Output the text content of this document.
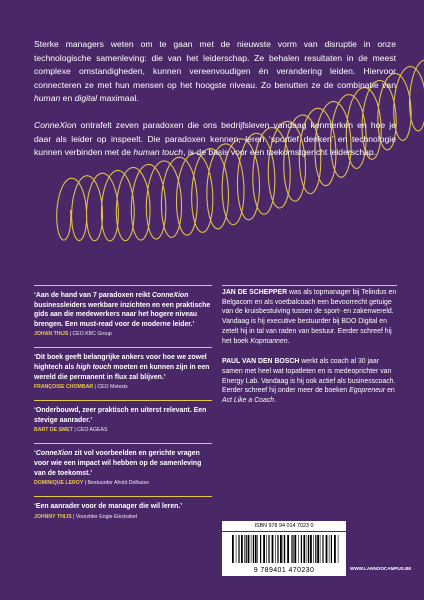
Sterke managers weten om te gaan met de nieuwste vorm van disruptie in onze technologische samenleving: die van het leiderschap. Ze behalen resultaten in de meest complexe omstandigheden, kunnen vereenvoudigen én verandering leiden. Hiervoor connecteren ze met hun mensen op het hoogste niveau. Zo benutten ze de combinatie van human en digital maximaal.

ConneXion ontrafelt zeven paradoxen die ons bedrijfsleven vandaag kenmerken en hoe je daar als leider op inspeelt. Die paradoxen kennen, leren ‘sportief denken’ en technologie kunnen verbinden met de human touch, is de basis voor een toekomstgericht leiderschap.

‘Aan de hand van 7 paradoxen reikt ConneXion businessleiders werkbare inzichten en een praktische gids aan die medewerkers naar het hogere niveau brengen. Een must-read voor de moderne leider.’
JOHAN THIJS | CEO KBC Group
‘Dit boek geeft belangrijke ankers voor hoe we zowel hightech als high touch moeten en kunnen zijn in een wereld die permanent in flux zal blijven.’
FRANÇOISE CHOMBAR | CEO Melexis
‘Onderbouwd, zeer praktisch en uiterst relevant. Een stevige aanrader.’
BART DE SMET | CEO AGEAS
‘ConneXion zit vol voorbeelden en gerichte vragen voor wie een impact wil hebben op de samenleving van de toekomst.’
DOMINIQUE LEROY | Bestuurder Ahold Delhaize
‘Een aanrader voor de manager die wil leren.’
JOHNNY THIJS | Voorzitter Engie Electrabel

JAN DE SCHEPPER was als topmanager bij Telindus en Belgacom en als voetbalcoach een bevoorrecht getuige van de kruisbestuiving tussen de sport- en zakenwereld. Vandaag is hij executive bestuurder bij BDO Digital en zetelt hij in tal van raden van bestuur. Eerder schreef hij het boek Kopmannen.

PAUL VAN DEN BOSCH werkt als coach al 30 jaar samen met heel wat topatleten en is medeoprichter van Energy Lab. Vandaag is hij ook actief als businesscoach. Eerder schreef hij onder meer de boeken Egopreneur en Act Like a Coach.

ISBN 978 94 014 7023 0
9 789401 470230	WWW.LANNOOCAMPUS.BE
